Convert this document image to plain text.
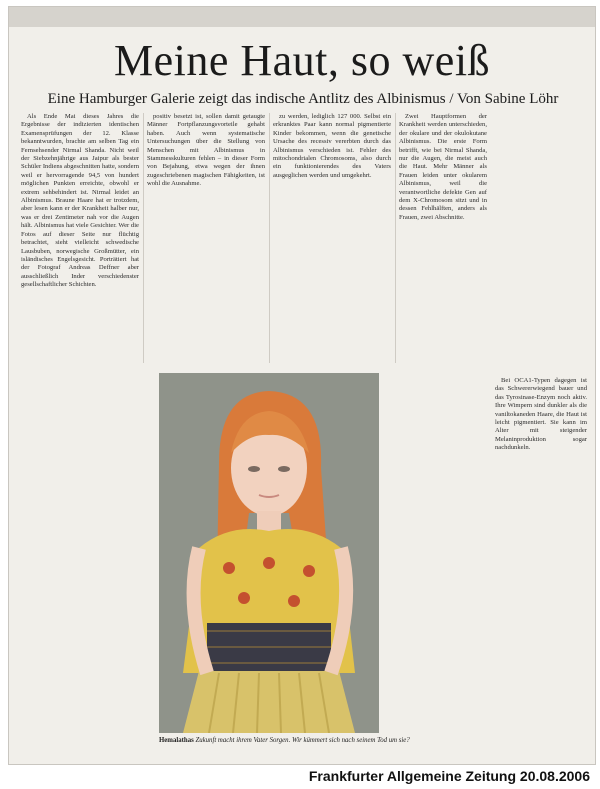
Meine Haut, so weiß
Eine Hamburger Galerie zeigt das indische Antlitz des Albinismus / Von Sabine Löhr

Als Ende Mai dieses Jahres die Ergebnisse der indizierten identischen Examensprüfungen der 12. Klasse bekanntwurden, brachte am selben Tag ein Fernsehsender Nirmal Shanda. Nicht weil der Siebzehnjährige aus Jaipur als bester Schüler Indiens abgeschnitten hatte, sondern weil er hervorragende 94,5 von hundert möglichen Punkten erreichte, obwohl er extrem sehbehindert ist. Nirmal leidet an Albinismus. Braune Haare hat er trotzdem, aber lesen kann er der Krankheit halber nur, was er drei Zentimeter nah vor die Augen hält. Albinismus hat viele Gesichter. Wer die Fotos auf dieser Seite nur flüchtig betrachtet, sieht vielleicht schwedische Lausbuben, norwegische Großmütter, ein isländisches Engelsgesicht. Porträtiert hat der Fotograf Andreas Deffner aber ausschließlich Inder verschiedenster gesellschaftlicher Schichten.

positiv besetzt ist, sollen damit getaugte Männer Fortpflanzungsvorteile gehabt haben. Auch wenn systematische Untersuchungen über die Stellung von Menschen mit Albinismus in Stammesskulturen fehlen – in dieser Form von Bejahung, etwa wegen der ihnen zugeschriebenen magischen Fähigkeiten, ist wohl die Ausnahme.

zu werden, lediglich 127 000. Selbst ein erkranktes Paar kann normal pigmentierte Kinder bekommen, wenn die genetische Ursache des recessiv vererbten durch das Albinismus verschieden ist. Fehler des mitochondrialen Chromosoms, also durch ein funktionierendes des Vaters ausgeglichen werden und umgekehrt.

Zwei Hauptformen der Krankheit werden unterschieden, der okulare und der okulokutane Albinismus. Die erste Form betrifft, wie bei Nirmal Shanda, nur die Augen, die meist auch die Haut. Mehr Männer als Frauen leiden unter okularem Albinismus, weil die verantwortliche defekte Gen auf dem X-Chromosom sitzt und in dessen Fehlhälften, anders als Frauen, zwei Abschnitte.

Bei OCA1-Typen dagegen ist das Schwererwiegend bauer und das Tyrosinase-Enzym noch aktiv. Ihre Wimpern sind dunkler als die vaniltokaneden Haare, die Haut ist leicht pigmentiert. Sie kann im Alter mit steigender Melaninproduktion sogar nachdunkeln.

Hemalathas Zukunft macht ihrem Vater Sorgen. Wir kümmert sich nach seinem Tod um sie?
Frankfurter Allgemeine Zeitung 20.08.2006
